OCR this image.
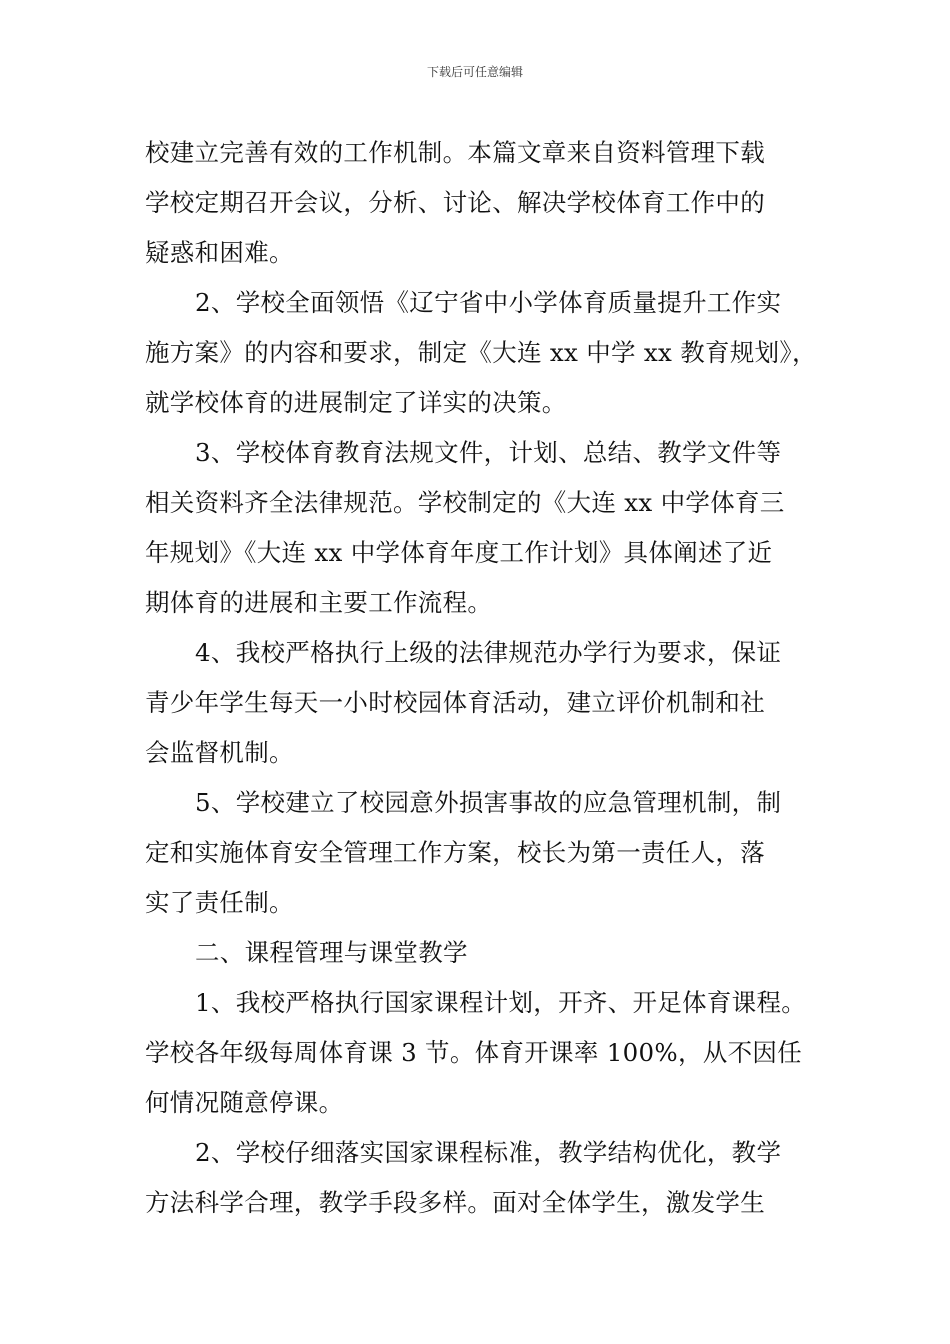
下载后可任意编辑

校建立完善有效的工作机制。本篇文章来自资料管理下载

学校定期召开会议，分析、讨论、解决学校体育工作中的

疑惑和困难。

2、学校全面领悟《辽宁省中小学体育质量提升工作实

施方案》的内容和要求，制定《大连 xx 中学 xx 教育规划》，

就学校体育的进展制定了详实的决策。

3、学校体育教育法规文件，计划、总结、教学文件等

相关资料齐全法律规范。学校制定的《大连 xx 中学体育三

年规划》《大连 xx 中学体育年度工作计划》具体阐述了近

期体育的进展和主要工作流程。

4、我校严格执行上级的法律规范办学行为要求，保证

青少年学生每天一小时校园体育活动，建立评价机制和社

会监督机制。

5、学校建立了校园意外损害事故的应急管理机制，制

定和实施体育安全管理工作方案，校长为第一责任人，落

实了责任制。

二、课程管理与课堂教学

1、我校严格执行国家课程计划，开齐、开足体育课程。

学校各年级每周体育课 3 节。体育开课率 100%，从不因任

何情况随意停课。

2、学校仔细落实国家课程标准，教学结构优化，教学

方法科学合理，教学手段多样。面对全体学生，激发学生
